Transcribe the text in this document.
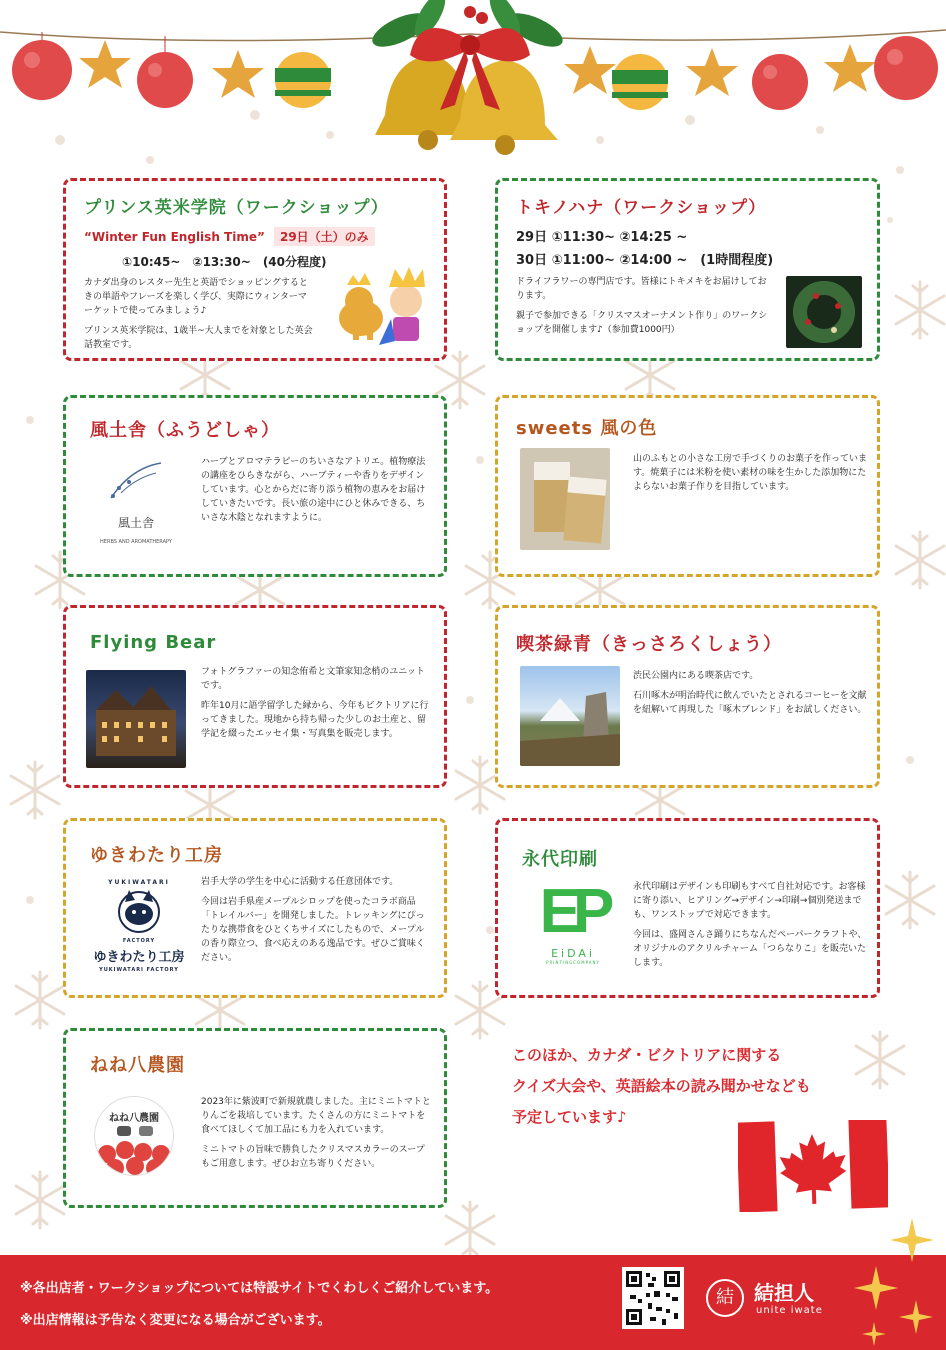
プリンス英米学院（ワークショップ）
“Winter Fun English Time” 29日（土）のみ
①10:45~　②13:30~　(40分程度)

カナダ出身のレスター先生と英語でショッピングするときの単語やフレーズを楽しく学び、実際にウィンターマーケットで使ってみましょう♪

プリンス英米学院は、1歳半~大人までを対象とした英会話教室です。

トキノハナ（ワークショップ）
29日 ①11:30~ ②14:25 ~
30日 ①11:00~ ②14:00 ~　(1時間程度)

ドライフラワーの専門店です。皆様にトキメキをお届けしております。

親子で参加できる「クリスマスオーナメント作り」のワークショップを開催します♪（参加費1000円）

風土舎（ふうどしゃ）
風土舎
HERBS AND AROMATHERAPY
ハーブとアロマテラピーのちいさなアトリエ。植物療法の講座をひらきながら、ハーブティーや香りをデザインしています。心とからだに寄り添う植物の恵みをお届けしていきたいです。長い旅の途中にひと休みできる、ちいさな木陰となれますように。
sweets 風の色
山のふもとの小さな工房で手づくりのお菓子を作っています。焼菓子には米粉を使い素材の味を生かした添加物にたよらないお菓子作りを目指しています。
Flying Bear

フォトグラファーの知念侑希と文筆家知念梢のユニットです。

昨年10月に語学留学した縁から、今年もビクトリアに行ってきました。現地から持ち帰った少しのお土産と、留学記を綴ったエッセイ集・写真集を販売します。

喫茶緑青（きっさろくしょう）

渋民公園内にある喫茶店です。

石川啄木が明治時代に飲んでいたとされるコーヒーを文献を紐解いて再現した「啄木ブレンド」をお試しください。

ゆきわたり工房
YUKIWATARI
FACTORY
ゆきわたり工房
YUKIWATARI FACTORY

岩手大学の学生を中心に活動する任意団体です。

今回は岩手県産メープルシロップを使ったコラボ商品「トレイルバー」を開発しました。トレッキングにぴったりな携帯食をひとくちサイズにしたもので、メープルの香り際立つ、食べ応えのある逸品です。ぜひご賞味ください。

永代印刷
EP
EiDAi
PRINTINGCOMPANY

永代印刷はデザインも印刷もすべて自社対応です。お客様に寄り添い、ヒアリング→デザイン→印刷→個別発送までも、ワンストップで対応できます。

今回は、盛岡さんさ踊りにちなんだペーパークラフトや、オリジナルのアクリルチャーム「つらなりこ」を販売いたします。

ねね八農園
ねね八農園

2023年に紫波町で新規就農しました。主にミニトマトとりんごを栽培しています。たくさんの方にミニトマトを食べてほしくて加工品にも力を入れています。

ミニトマトの旨味で勝負したクリスマスカラーのスープもご用意します。ぜひお立ち寄りください。

このほか、カナダ・ビクトリアに関する
クイズ大会や、英語絵本の読み聞かせなども
予定しています♪
※各出店者・ワークショップについては特設サイトでくわしくご紹介しています。
※出店情報は予告なく変更になる場合がございます。
結	結担人
unite iwate
